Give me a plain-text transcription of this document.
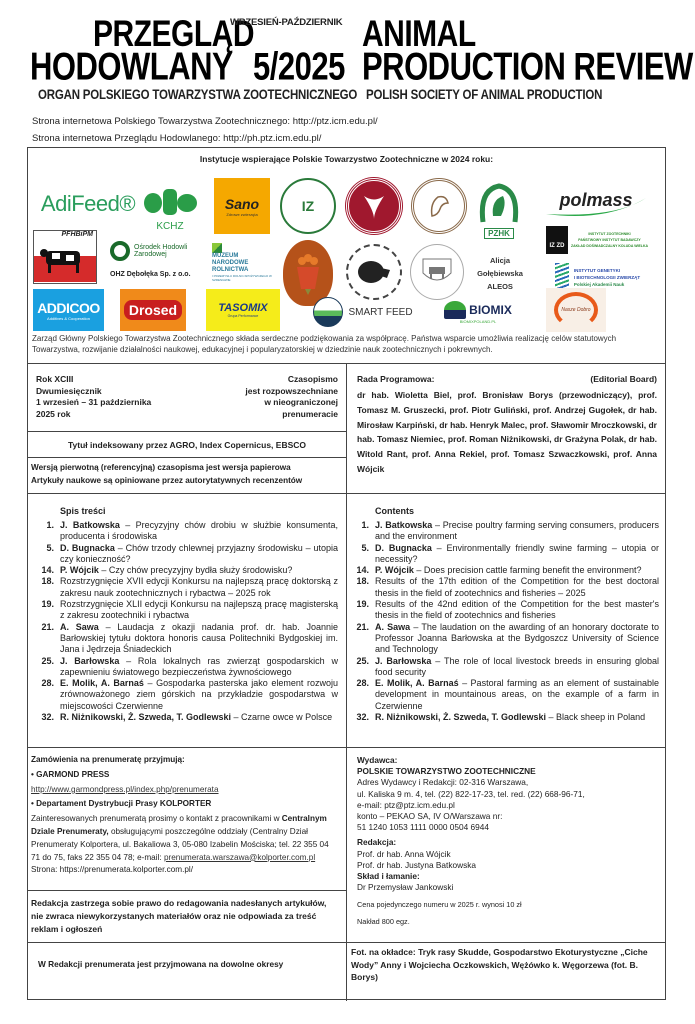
PRZEGLĄD
HODOWLANY
WRZESIEŃ-PAŹDZIERNIK
5/2025
ANIMAL
PRODUCTION REVIEW
ORGAN POLSKIEGO TOWARZYSTWA ZOOTECHNICZNEGO POLISH SOCIETY OF ANIMAL PRODUCTION
Strona internetowa Polskiego Towarzystwa Zootechnicznego: http://ptz.icm.edu.pl/
Strona internetowa Przeglądu Hodowlanego: http://ph.ptz.icm.edu.pl/
Instytucje wspierające Polskie Towarzystwo Zootechniczne w 2024 roku:
AdiFeed®
KCHZ
Sano
Zdrowe zwierzęta	IZ
PZHK
polmass
PFHBiPM
Ośrodek Hodowli Zarodowej
OHZ Dębołęka Sp. z o.o.
MUZEUM NARODOWE ROLNICTWA
I PRZEMYSŁU ROLNO-SPOŻYWCZEGO W SZRENIAWIE
Alicja
Gołębiewska
ALEOS
IZ ZD
INSTYTUT ZOOTECHNIKI
PAŃSTWOWY INSTYTUT BADAWCZY
ZAKŁAD DOŚWIADCZALNY KOLUDA WIELKA
INSTYTUT GENETYKI
I BIOTECHNOLOGII ZWIERZĄT
Polskiej Akademii Nauk
ADDICOO
Additives & Cooperation	Drosed	TASOMIX
Grupa Performance	SMART FEED	BIOMIX
BIOMIXPOLAND.PL
Nasze Dobro
Zarząd Główny Polskiego Towarzystwa Zootechnicznego składa serdeczne podziękowania za współpracę. Państwa wsparcie umożliwia realizację celów statutowych Towarzystwa, rozwijanie działalności naukowej, edukacyjnej i popularyzatorskiej w dziedzinie nauk zootechnicznych i pokrewnych.
Rok XCIII
Dwumiesięcznik
1 wrzesień – 31 października
2025 rok
Czasopismo
jest rozpowszechniane
w nieograniczonej
prenumeracie
Tytuł indeksowany przez AGRO, Index Copernicus, EBSCO
Wersją pierwotną (referencyjną) czasopisma jest wersja papierowa
Artykuły naukowe są opiniowane przez autorytatywnych recenzentów
Spis treści
1. J. Batkowska – Precyzyjny chów drobiu w służbie konsumenta, producenta i środowiska
5. D. Bugnacka – Chów trzody chlewnej przyjazny środowisku – utopia czy konieczność?
14. P. Wójcik – Czy chów precyzyjny bydła służy środowisku?
18. Rozstrzygnięcie XVII edycji Konkursu na najlepszą pracę doktorską z zakresu nauk zootechnicznych i rybactwa – 2025 rok
19. Rozstrzygnięcie XLII edycji Konkursu na najlepszą pracę magisterską z zakresu zootechniki i rybactwa
21. A. Sawa – Laudacja z okazji nadania prof. dr. hab. Joannie Barłowskiej tytułu doktora honoris causa Politechniki Bydgoskiej im. Jana i Jędrzeja Śniadeckich
25. J. Barłowska – Rola lokalnych ras zwierząt gospodarskich w zapewnieniu światowego bezpieczeństwa żywnościowego
28. E. Molik, A. Barnaś – Gospodarka pasterska jako element rozwoju zrównoważonego ziem górskich na przykładzie gospodarstwa w miejscowości Czerwienne
32. R. Niżnikowski, Ż. Szweda, T. Godlewski – Czarne owce w Polsce
Zamówienia na prenumeratę przyjmują:
• GARMOND PRESS
http://www.garmondpress.pl/index.php/prenumerata
• Departament Dystrybucji Prasy KOLPORTER
Zainteresowanych prenumeratą prosimy o kontakt z pracownikami w Centralnym Dziale Prenumeraty, obsługującymi poszczególne oddziały (Centralny Dział Prenumeraty Kolportera, ul. Bakaliowa 3, 05-080 Izabelin Mościska; tel. 22 355 04 71 do 75, faks 22 355 04 78; e-mail: prenumerata.warszawa@kolporter.com.pl
Strona: https://prenumerata.kolporter.com.pl/
Redakcja zastrzega sobie prawo do redagowania nadesłanych artykułów, nie zwraca niewykorzystanych materiałów oraz nie odpowiada za treść reklam i ogłoszeń
W Redakcji prenumerata jest przyjmowana na dowolne okresy
Rada Programowa:	(Editorial Board)
dr hab. Wioletta Biel, prof. Bronisław Borys (przewodniczący), prof. Tomasz M. Gruszecki, prof. Piotr Guliński, prof. Andrzej Gugołek, dr hab. Mirosław Karpiński, dr hab. Henryk Malec, prof. Sławomir Mroczkowski, dr hab. Tomasz Niemiec, prof. Roman Niżnikowski, dr Grażyna Polak, dr hab. Witold Rant, prof. Anna Rekiel, prof. Tomasz Szwaczkowski, prof. Anna Wójcik
Contents
1. J. Batkowska – Precise poultry farming serving consumers, producers and the environment
5. D. Bugnacka – Environmentally friendly swine farming – utopia or necessity?
14. P. Wójcik – Does precision cattle farming benefit the environment?
18. Results of the 17th edition of the Competition for the best doctoral thesis in the field of zootechnics and fisheries – 2025
19. Results of the 42nd edition of the Competition for the best master's thesis in the field of zootechnics and fisheries
21. A. Sawa – The laudation on the awarding of an honorary doctorate to Professor Joanna Barłowska at the Bydgoszcz University of Science and Technology
25. J. Barłowska – The role of local livestock breeds in ensuring global food security
28. E. Molik, A. Barnaś – Pastoral farming as an element of sustainable development in mountainous areas, on the example of a farm in Czerwienne
32. R. Niżnikowski, Ż. Szweda, T. Godlewski – Black sheep in Poland
Wydawca:
POLSKIE TOWARZYSTWO ZOOTECHNICZNE
Adres Wydawcy i Redakcji: 02-316 Warszawa,
ul. Kaliska 9 m. 4, tel. (22) 822-17-23, tel. red. (22) 668-96-71,
e-mail: ptz@ptz.icm.edu.pl
konto – PEKAO SA, IV O/Warszawa nr:
51 1240 1053 1111 0000 0504 6944
Redakcja:
Prof. dr hab. Anna Wójcik
Prof. dr hab. Justyna Batkowska
Skład i łamanie:
Dr Przemysław Jankowski
Cena pojedynczego numeru w 2025 r. wynosi 10 zł
Nakład 800 egz.
Fot. na okładce: Tryk rasy Skudde, Gospodarstwo Ekoturystyczne „Ciche Wody” Anny i Wojciecha Oczkowskich, Wężówko k. Węgorzewa (fot. B. Borys)
